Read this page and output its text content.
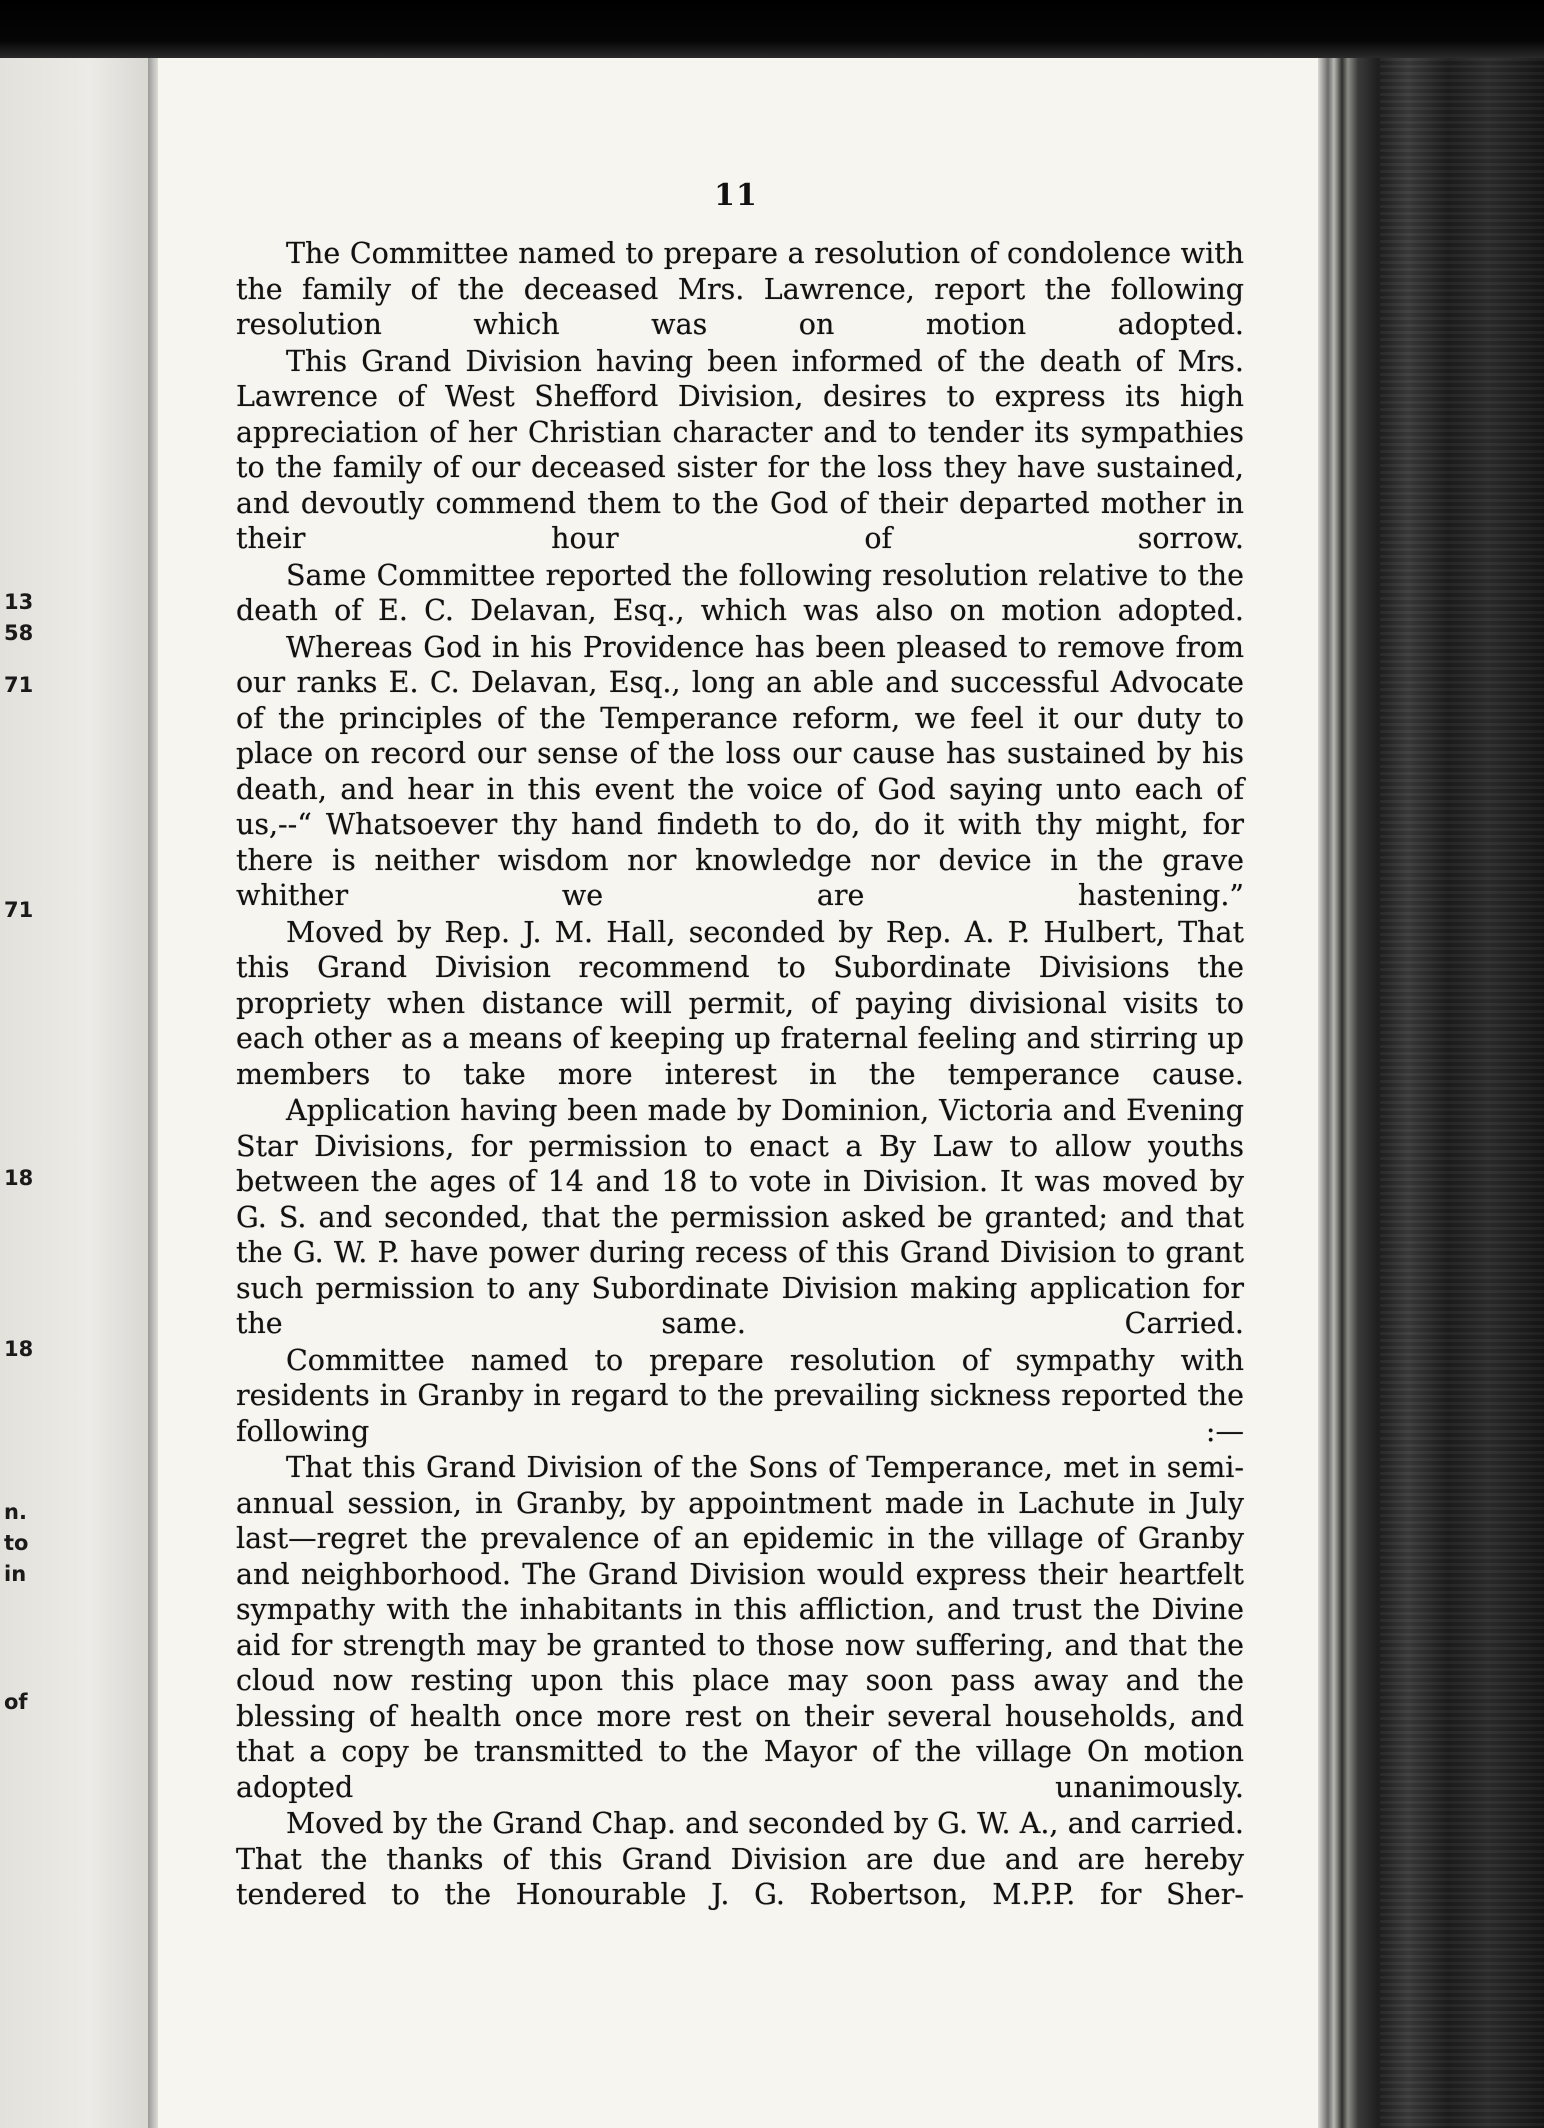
13

58

71

71

18

18

n.

to

in

of

11

The Committee named to prepare a resolution of condolence with the family of the deceased Mrs. Lawrence, report the following resolution which was on motion adopted.

This Grand Division having been informed of the death of Mrs. Lawrence of West Shefford Division, desires to express its high appreciation of her Christian character and to tender its sympathies to the family of our deceased sister for the loss they have sustained, and devoutly commend them to the God of their departed mother in their hour of sorrow.

Same Committee reported the following resolution relative to the death of E. C. Delavan, Esq., which was also on motion adopted.

Whereas God in his Providence has been pleased to remove from our ranks E. C. Delavan, Esq., long an able and successful Advocate of the principles of the Temperance reform, we feel it our duty to place on record our sense of the loss our cause has sustained by his death, and hear in this event the voice of God saying unto each of us,--“ Whatsoever thy hand findeth to do, do it with thy might, for there is neither wisdom nor knowledge nor device in the grave whither we are hastening.”

Moved by Rep. J. M. Hall, seconded by Rep. A. P. Hulbert, That this Grand Division recommend to Subordinate Divisions the propriety when distance will permit, of paying divisional visits to each other as a means of keeping up fraternal feeling and stirring up members to take more interest in the temperance cause.

Application having been made by Dominion, Victoria and Evening Star Divisions, for permission to enact a By Law to allow youths between the ages of 14 and 18 to vote in Division. It was moved by G. S. and seconded, that the permission asked be granted; and that the G. W. P. have power during recess of this Grand Division to grant such permission to any Subordinate Division making application for the same. Carried.

Committee named to prepare resolution of sympathy with residents in Granby in regard to the prevailing sickness reported the following :—

That this Grand Division of the Sons of Temperance, met in semi-annual session, in Granby, by appointment made in Lachute in July last—regret the prevalence of an epidemic in the village of Granby and neighborhood. The Grand Division would express their heartfelt sympathy with the inhabitants in this affliction, and trust the Divine aid for strength may be granted to those now suffering, and that the cloud now resting upon this place may soon pass away and the blessing of health once more rest on their several households, and that a copy be transmitted to the Mayor of the village On motion adopted unanimously.

Moved by the Grand Chap. and seconded by G. W. A., and carried. That the thanks of this Grand Division are due and are hereby tendered to the Honourable J. G. Robertson, M.P.P. for Sher-
